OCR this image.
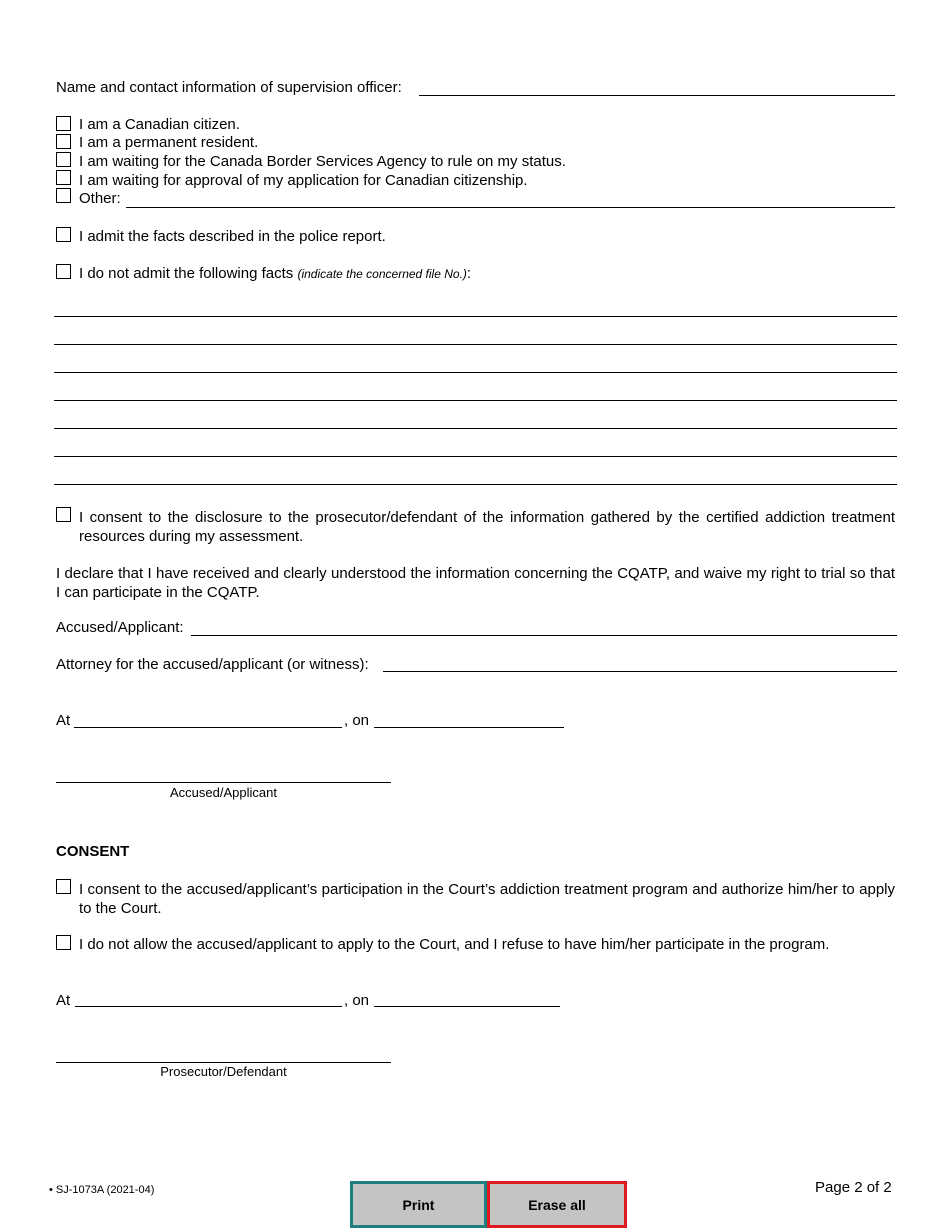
Name and contact information of supervision officer:
I am a Canadian citizen.
I am a permanent resident.
I am waiting for the Canada Border Services Agency to rule on my status.
I am waiting for approval of my application for Canadian citizenship.
Other:
I admit the facts described in the police report.
I do not admit the following facts (indicate the concerned file No.):
I consent to the disclosure to the prosecutor/defendant of the information gathered by the certified addiction treatment resources during my assessment.
I declare that I have received and clearly understood the information concerning the CQATP, and waive my right to trial so that I can participate in the CQATP.
Accused/Applicant:
Attorney for the accused/applicant (or witness):
At	, on
Accused/Applicant
CONSENT
I consent to the accused/applicant’s participation in the Court’s addiction treatment program and authorize him/her to apply to the Court.
I do not allow the accused/applicant to apply to the Court, and I refuse to have him/her participate in the program.
At	, on
Prosecutor/Defendant
• SJ-1073A (2021-04)
Print	Erase all
Page 2 of 2
